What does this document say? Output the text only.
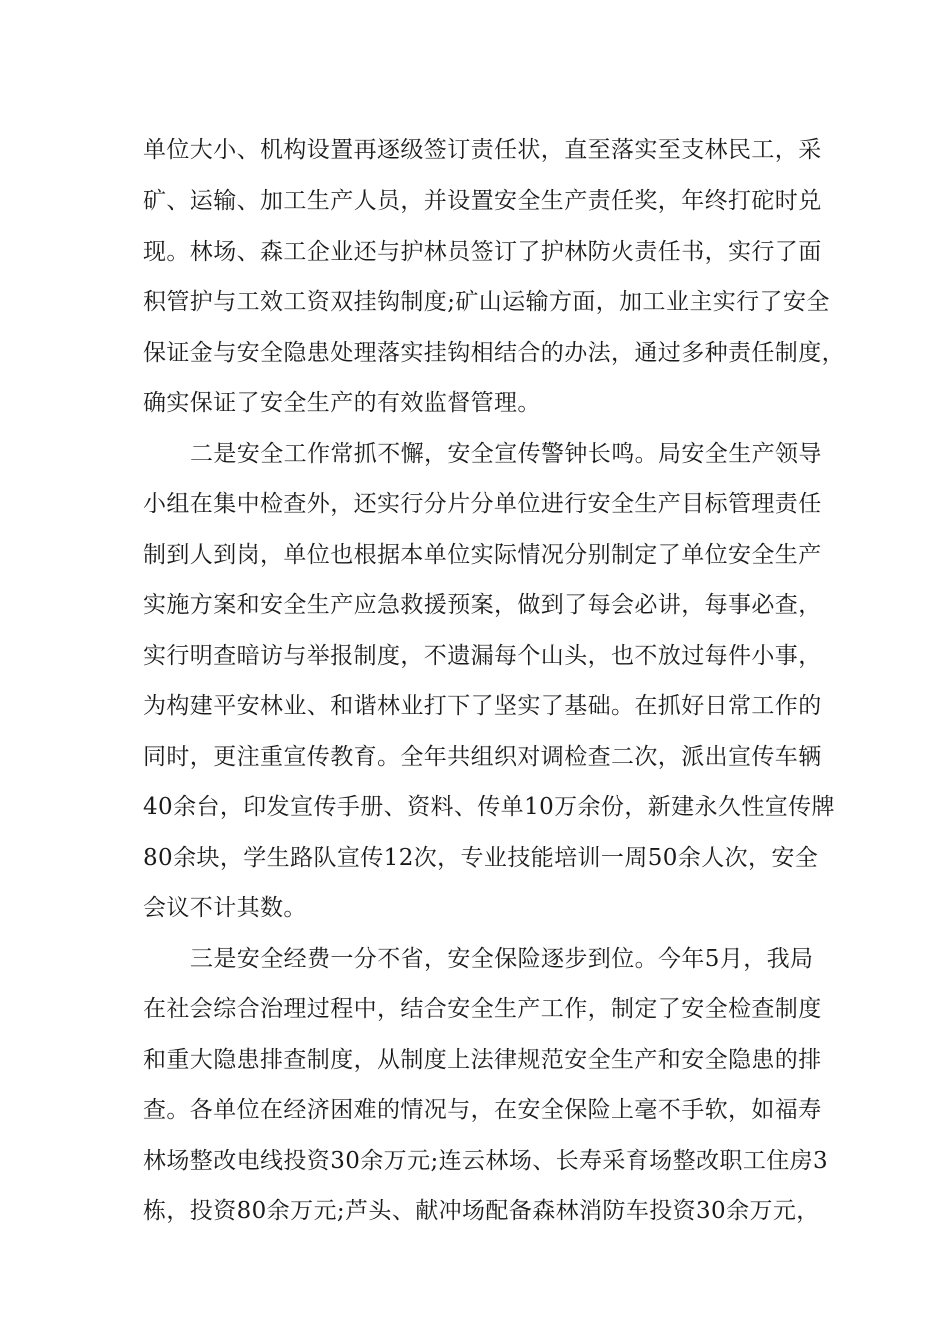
单位大小、机构设置再逐级签订责任状，直至落实至支林民工，采
矿、运输、加工生产人员，并设置安全生产责任奖，年终打砣时兑
现。林场、森工企业还与护林员签订了护林防火责任书，实行了面
积管护与工效工资双挂钩制度;矿山运输方面，加工业主实行了安全
保证金与安全隐患处理落实挂钩相结合的办法，通过多种责任制度，
确实保证了安全生产的有效监督管理。
二是安全工作常抓不懈，安全宣传警钟长鸣。局安全生产领导
小组在集中检查外，还实行分片分单位进行安全生产目标管理责任
制到人到岗，单位也根据本单位实际情况分别制定了单位安全生产
实施方案和安全生产应急救援预案，做到了每会必讲，每事必查，
实行明查暗访与举报制度，不遗漏每个山头，也不放过每件小事，
为构建平安林业、和谐林业打下了坚实了基础。在抓好日常工作的
同时，更注重宣传教育。全年共组织对调检查二次，派出宣传车辆
40余台，印发宣传手册、资料、传单10万余份，新建永久性宣传牌
80余块，学生路队宣传12次，专业技能培训一周50余人次，安全
会议不计其数。
三是安全经费一分不省，安全保险逐步到位。今年5月，我局
在社会综合治理过程中，结合安全生产工作，制定了安全检查制度
和重大隐患排查制度，从制度上法律规范安全生产和安全隐患的排
查。各单位在经济困难的情况与，在安全保险上毫不手软，如福寿
林场整改电线投资30余万元;连云林场、长寿采育场整改职工住房3
栋，投资80余万元;芦头、献冲场配备森林消防车投资30余万元，
